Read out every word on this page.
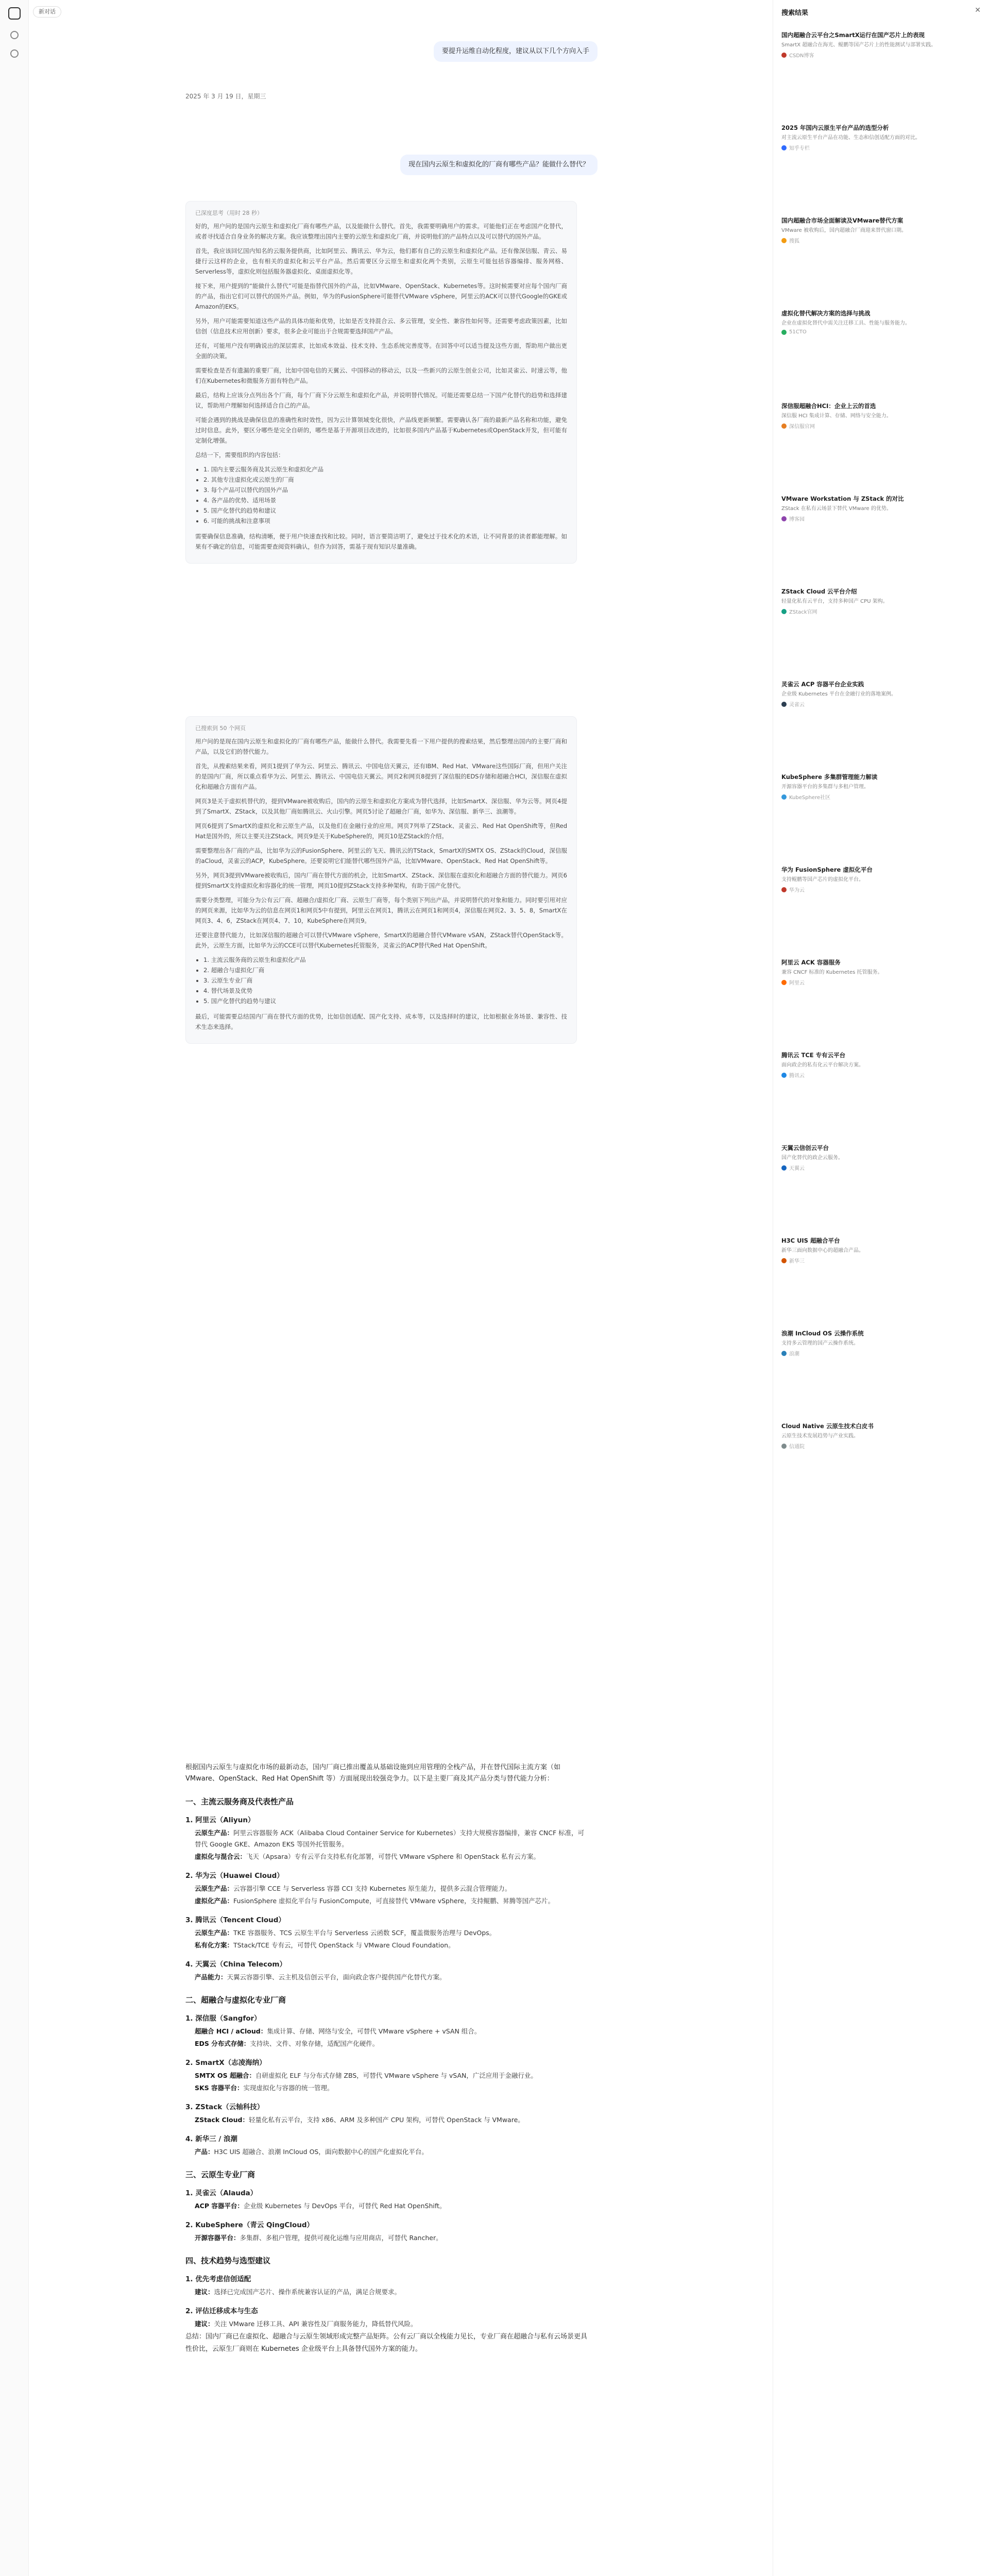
新对话
要提升运维自动化程度，建议从以下几个方向入手
2025 年 3 月 19 日，星期三
现在国内云原生和虚拟化的厂商有哪些产品？能做什么替代？
已深度思考（用时 28 秒）

好的，用户问的是国内云原生和虚拟化厂商有哪些产品，以及能做什么替代。首先，我需要明确用户的需求。可能他们正在考虑国产化替代，或者寻找适合自身业务的解决方案。我应该整理出国内主要的云原生和虚拟化厂商，并说明他们的产品特点以及可以替代的国外产品。

首先，我应该回忆国内知名的云服务提供商，比如阿里云、腾讯云、华为云，他们都有自己的云原生和虚拟化产品。还有像深信服、青云、易捷行云这样的企业，也有相关的虚拟化和云平台产品。然后需要区分云原生和虚拟化两个类别，云原生可能包括容器编排、服务网格、Serverless等，虚拟化则包括服务器虚拟化、桌面虚拟化等。

接下来，用户提到的“能做什么替代”可能是指替代国外的产品，比如VMware、OpenStack、Kubernetes等。这时候需要对应每个国内厂商的产品，指出它们可以替代的国外产品。例如，华为的FusionSphere可能替代VMware vSphere，阿里云的ACK可以替代Google的GKE或Amazon的EKS。

另外，用户可能需要知道这些产品的具体功能和优势，比如是否支持混合云、多云管理，安全性、兼容性如何等。还需要考虑政策因素，比如信创（信息技术应用创新）要求，很多企业可能出于合规需要选择国产产品。

还有，可能用户没有明确说出的深层需求，比如成本效益、技术支持、生态系统完善度等。在回答中可以适当提及这些方面，帮助用户做出更全面的决策。

需要检查是否有遗漏的重要厂商，比如中国电信的天翼云、中国移动的移动云，以及一些新兴的云原生创业公司，比如灵雀云、时速云等，他们在Kubernetes和微服务方面有特色产品。

最后，结构上应该分点列出各个厂商，每个厂商下分云原生和虚拟化产品，并说明替代情况。可能还需要总结一下国产化替代的趋势和选择建议，帮助用户理解如何选择适合自己的产品。

可能会遇到的挑战是确保信息的准确性和时效性，因为云计算领域变化很快，产品线更新频繁。需要确认各厂商的最新产品名称和功能，避免过时信息。此外，要区分哪些是完全自研的，哪些是基于开源项目改进的，比如很多国内产品基于Kubernetes或OpenStack开发，但可能有定制化增强。

总结一下，需要组织的内容包括：

• 1. 国内主要云服务商及其云原生和虚拟化产品
• 2. 其他专注虚拟化或云原生的厂商
• 3. 每个产品可以替代的国外产品
• 4. 各产品的优势、适用场景
• 5. 国产化替代的趋势和建议
• 6. 可能的挑战和注意事项

需要确保信息准确，结构清晰，便于用户快速查找和比较。同时，语言要简洁明了，避免过于技术化的术语，让不同背景的读者都能理解。如果有不确定的信息，可能需要查阅资料确认，但作为回答，需基于现有知识尽量准确。

已搜索到 50 个网页

用户问的是现在国内云原生和虚拟化的厂商有哪些产品，能做什么替代。我需要先看一下用户提供的搜索结果，然后整理出国内的主要厂商和产品，以及它们的替代能力。

首先，从搜索结果来看，网页1提到了华为云、阿里云、腾讯云、中国电信天翼云，还有IBM、Red Hat、VMware这些国际厂商，但用户关注的是国内厂商，所以重点看华为云、阿里云、腾讯云、中国电信天翼云。网页2和网页8提到了深信服的EDS存储和超融合HCI，深信服在虚拟化和超融合方面有产品。

网页3是关于虚拟机替代的，提到VMware被收购后，国内的云原生和虚拟化方案成为替代选择，比如SmartX、深信服、华为云等。网页4提到了SmartX、ZStack，以及其他厂商如腾讯云、火山引擎。网页5讨论了超融合厂商，如华为、深信服、新华三、浪潮等。

网页6提到了SmartX的虚拟化和云原生产品，以及他们在金融行业的应用。网页7列举了ZStack、灵雀云、Red Hat OpenShift等，但Red Hat是国外的，所以主要关注ZStack。网页9是关于KubeSphere的，网页10是ZStack的介绍。

需要整理出各厂商的产品，比如华为云的FusionSphere、阿里云的飞天、腾讯云的TStack，SmartX的SMTX OS、ZStack的Cloud，深信服的aCloud，灵雀云的ACP，KubeSphere。还要说明它们能替代哪些国外产品，比如VMware、OpenStack、Red Hat OpenShift等。

另外，网页3提到VMware被收购后，国内厂商在替代方面的机会，比如SmartX、ZStack、深信服在虚拟化和超融合方面的替代能力。网页6提到SmartX支持虚拟化和容器化的统一管理，网页10提到ZStack支持多种架构，有助于国产化替代。

需要分类整理，可能分为公有云厂商、超融合/虚拟化厂商、云原生厂商等，每个类别下列出产品，并说明替代的对象和能力。同时要引用对应的网页来源，比如华为云的信息在网页1和网页5中有提到，阿里云在网页1，腾讯云在网页1和网页4，深信服在网页2、3、5、8，SmartX在网页3、4、6，ZStack在网页4、7、10，KubeSphere在网页9。

还要注意替代能力，比如深信服的超融合可以替代VMware vSphere，SmartX的超融合替代VMware vSAN，ZStack替代OpenStack等。此外，云原生方面，比如华为云的CCE可以替代Kubernetes托管服务，灵雀云的ACP替代Red Hat OpenShift。

• 1. 主流云服务商的云原生和虚拟化产品
• 2. 超融合与虚拟化厂商
• 3. 云原生专业厂商
• 4. 替代场景及优势
• 5. 国产化替代的趋势与建议

最后，可能需要总结国内厂商在替代方面的优势，比如信创适配、国产化支持、成本等，以及选择时的建议，比如根据业务场景、兼容性、技术生态来选择。

根据国内云原生与虚拟化市场的最新动态，国内厂商已推出覆盖从基础设施到应用管理的全栈产品，并在替代国际主流方案（如 VMware、OpenStack、Red Hat OpenShift 等）方面展现出较强竞争力。以下是主要厂商及其产品分类与替代能力分析：

一、主流云服务商及代表性产品
1. 阿里云（Aliyun）
云原生产品：阿里云容器服务 ACK（Alibaba Cloud Container Service for Kubernetes）支持大规模容器编排，兼容 CNCF 标准，可替代 Google GKE、Amazon EKS 等国外托管服务。
虚拟化与混合云：飞天（Apsara）专有云平台支持私有化部署，可替代 VMware vSphere 和 OpenStack 私有云方案。
2. 华为云（Huawei Cloud）
云原生产品：云容器引擎 CCE 与 Serverless 容器 CCI 支持 Kubernetes 原生能力，提供多云混合管理能力。
虚拟化产品：FusionSphere 虚拟化平台与 FusionCompute，可直接替代 VMware vSphere，支持鲲鹏、昇腾等国产芯片。
3. 腾讯云（Tencent Cloud）
云原生产品：TKE 容器服务、TCS 云原生平台与 Serverless 云函数 SCF，覆盖微服务治理与 DevOps。
私有化方案：TStack/TCE 专有云，可替代 OpenStack 与 VMware Cloud Foundation。
4. 天翼云（China Telecom）
产品能力：天翼云容器引擎、云主机及信创云平台，面向政企客户提供国产化替代方案。
二、超融合与虚拟化专业厂商
1. 深信服（Sangfor）
超融合 HCI / aCloud：集成计算、存储、网络与安全，可替代 VMware vSphere + vSAN 组合。
EDS 分布式存储：支持块、文件、对象存储，适配国产化硬件。
2. SmartX（志凌海纳）
SMTX OS 超融合：自研虚拟化 ELF 与分布式存储 ZBS，可替代 VMware vSphere 与 vSAN，广泛应用于金融行业。
SKS 容器平台：实现虚拟化与容器的统一管理。
3. ZStack（云轴科技）
ZStack Cloud：轻量化私有云平台，支持 x86、ARM 及多种国产 CPU 架构，可替代 OpenStack 与 VMware。
4. 新华三 / 浪潮
产品：H3C UIS 超融合、浪潮 InCloud OS，面向数据中心的国产化虚拟化平台。
三、云原生专业厂商
1. 灵雀云（Alauda）
ACP 容器平台：企业级 Kubernetes 与 DevOps 平台，可替代 Red Hat OpenShift。
2. KubeSphere（青云 QingCloud）
开源容器平台：多集群、多租户管理，提供可视化运维与应用商店，可替代 Rancher。
四、技术趋势与选型建议
1. 优先考虑信创适配
建议：选择已完成国产芯片、操作系统兼容认证的产品，满足合规要求。
2. 评估迁移成本与生态
建议：关注 VMware 迁移工具、API 兼容性及厂商服务能力，降低替代风险。

总结：国内厂商已在虚拟化、超融合与云原生领域形成完整产品矩阵。公有云厂商以全栈能力见长，专业厂商在超融合与私有云场景更具性价比，云原生厂商则在 Kubernetes 企业级平台上具备替代国外方案的能力。

搜索结果	✕
国内超融合云平台之SmartX运行在国产芯片上的表现
SmartX 超融合在海光、鲲鹏等国产芯片上的性能测试与部署实践。
CSDN博客
2025 年国内云原生平台产品的选型分析
对主流云原生平台产品在功能、生态和信创适配方面的对比。
知乎专栏
国内超融合市场全面解读及VMware替代方案
VMware 被收购后，国内超融合厂商迎来替代窗口期。
搜狐
虚拟化替代解决方案的选择与挑战
企业在虚拟化替代中需关注迁移工具、性能与服务能力。
51CTO
深信服超融合HCI：企业上云的首选
深信服 HCI 集成计算、存储、网络与安全能力。
深信服官网
VMware Workstation 与 ZStack 的对比
ZStack 在私有云场景下替代 VMware 的优势。
博客园
ZStack Cloud 云平台介绍
轻量化私有云平台，支持多种国产 CPU 架构。
ZStack官网
灵雀云 ACP 容器平台企业实践
企业级 Kubernetes 平台在金融行业的落地案例。
灵雀云
KubeSphere 多集群管理能力解读
开源容器平台的多集群与多租户管理。
KubeSphere社区
华为 FusionSphere 虚拟化平台
支持鲲鹏等国产芯片的虚拟化平台。
华为云
阿里云 ACK 容器服务
兼容 CNCF 标准的 Kubernetes 托管服务。
阿里云
腾讯云 TCE 专有云平台
面向政企的私有化云平台解决方案。
腾讯云
天翼云信创云平台
国产化替代的政企云服务。
天翼云
H3C UIS 超融合平台
新华三面向数据中心的超融合产品。
新华三
浪潮 InCloud OS 云操作系统
支持多云管理的国产云操作系统。
浪潮
Cloud Native 云原生技术白皮书
云原生技术发展趋势与产业实践。
信通院
